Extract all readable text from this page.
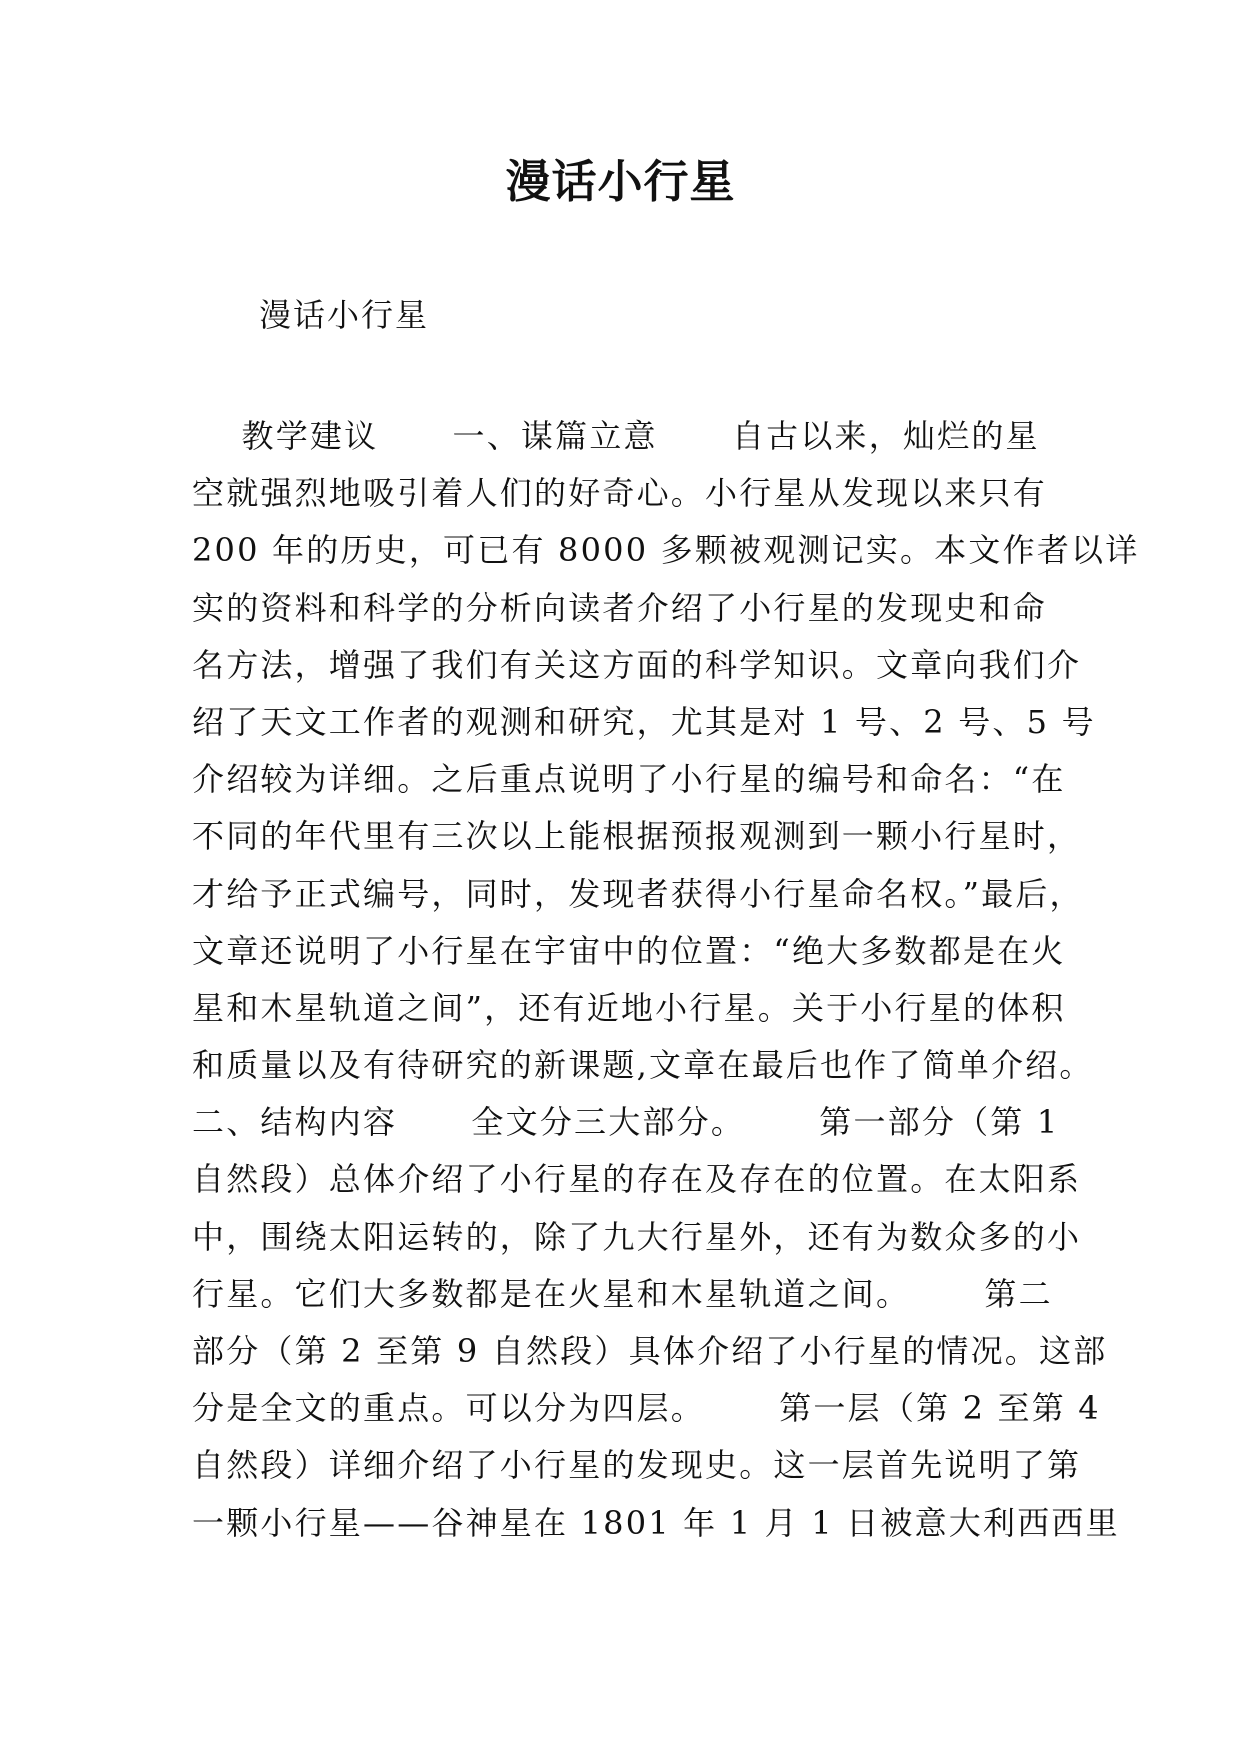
漫话小行星
漫话小行星
教学建议      一、谋篇立意      自古以来，灿烂的星
空就强烈地吸引着人们的好奇心。小行星从发现以来只有
200 年的历史，可已有 8000 多颗被观测记实。本文作者以详
实的资料和科学的分析向读者介绍了小行星的发现史和命
名方法，增强了我们有关这方面的科学知识。文章向我们介
绍了天文工作者的观测和研究，尤其是对 1 号、2 号、5 号
介绍较为详细。之后重点说明了小行星的编号和命名：“在
不同的年代里有三次以上能根据预报观测到一颗小行星时，
才给予正式编号，同时，发现者获得小行星命名权。”最后，
文章还说明了小行星在宇宙中的位置：“绝大多数都是在火
星和木星轨道之间”，还有近地小行星。关于小行星的体积
和质量以及有待研究的新课题,文章在最后也作了简单介绍。
二、结构内容      全文分三大部分。      第一部分（第 1
自然段）总体介绍了小行星的存在及存在的位置。在太阳系
中，围绕太阳运转的，除了九大行星外，还有为数众多的小
行星。它们大多数都是在火星和木星轨道之间。      第二
部分（第 2 至第 9 自然段）具体介绍了小行星的情况。这部
分是全文的重点。可以分为四层。      第一层（第 2 至第 4
自然段）详细介绍了小行星的发现史。这一层首先说明了第
一颗小行星——谷神星在 1801 年 1 月 1 日被意大利西西里
